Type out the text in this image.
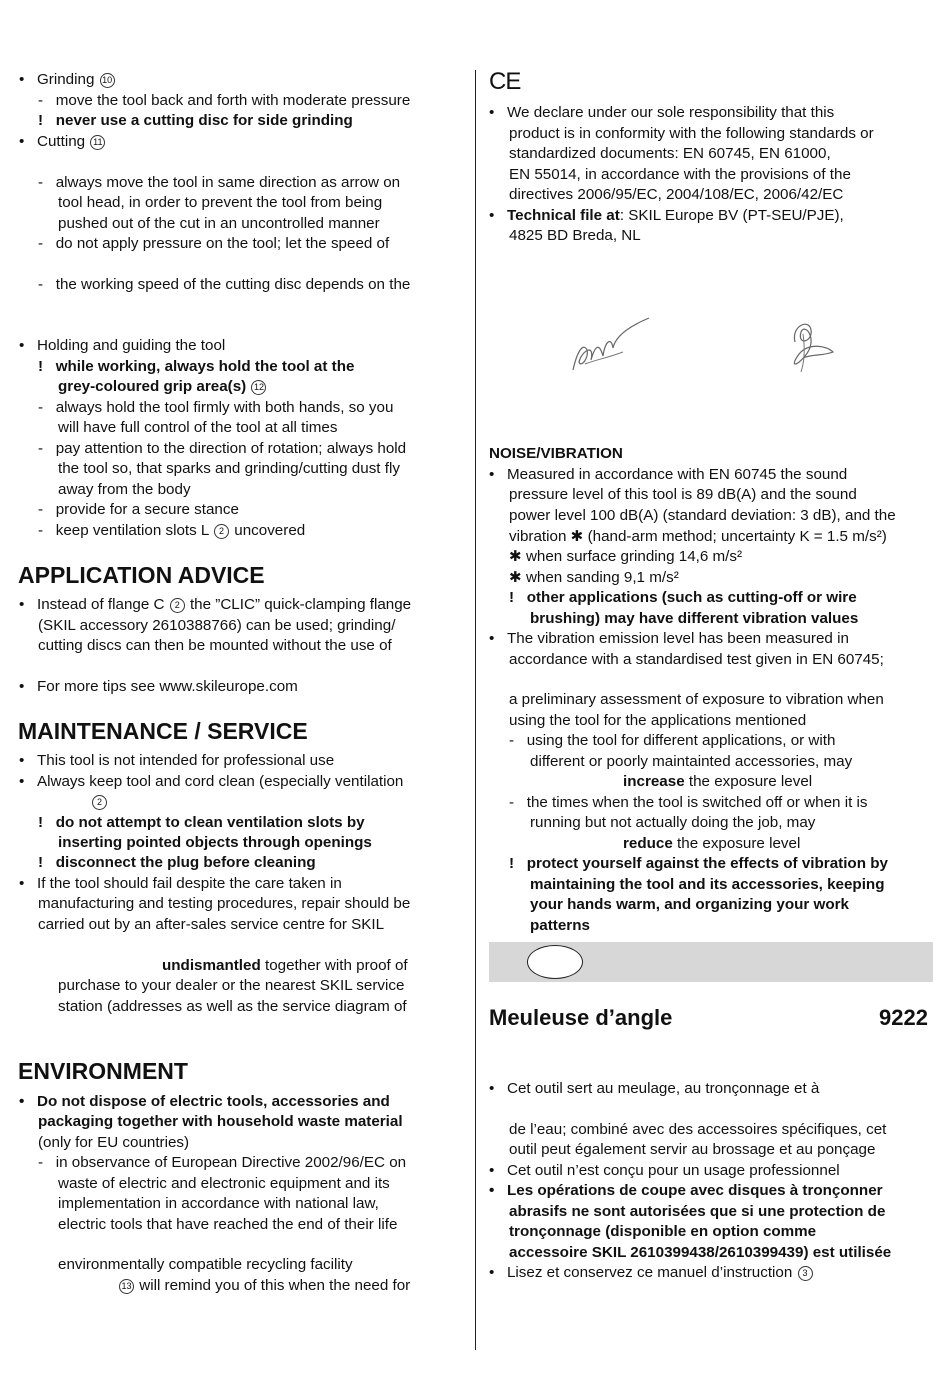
•   Grinding 10
-   move the tool back and forth with moderate pressure
!   never use a cutting disc for side grinding
•   Cutting 11
-   always move the tool in same direction as arrow on
tool head, in order to prevent the tool from being
pushed out of the cut in an uncontrolled manner
-   do not apply pressure on the tool; let the speed of
-   the working speed of the cutting disc depends on the
•   Holding and guiding the tool
!   while working, always hold the tool at the
grey-coloured grip area(s) 12
-   always hold the tool firmly with both hands, so you
will have full control of the tool at all times
-   pay attention to the direction of rotation; always hold
the tool so, that sparks and grinding/cutting dust fly
away from the body
-   provide for a secure stance
-   keep ventilation slots L 2 uncovered
APPLICATION ADVICE
•   Instead of flange C 2 the ”CLIC” quick-clamping flange
(SKIL accessory 2610388766) can be used; grinding/
cutting discs can then be mounted without the use of
•   For more tips see www.skileurope.com
MAINTENANCE / SERVICE
•   This tool is not intended for professional use
•   Always keep tool and cord clean (especially ventilation
2
!   do not attempt to clean ventilation slots by
inserting pointed objects through openings
!   disconnect the plug before cleaning
•   If the tool should fail despite the care taken in
manufacturing and testing procedures, repair should be
carried out by an after-sales service centre for SKIL
undismantled together with proof of
purchase to your dealer or the nearest SKIL service
station (addresses as well as the service diagram of
ENVIRONMENT
•   Do not dispose of electric tools, accessories and
packaging together with household waste material
(only for EU countries)
-   in observance of European Directive 2002/96/EC on
waste of electric and electronic equipment and its
implementation in accordance with national law,
electric tools that have reached the end of their life
environmentally compatible recycling facility
13 will remind you of this when the need for
CE
•   We declare under our sole responsibility that this
product is in conformity with the following standards or
standardized documents: EN 60745, EN 61000,
EN 55014, in accordance with the provisions of the
directives 2006/95/EC, 2004/108/EC, 2006/42/EC
•   Technical file at: SKIL Europe BV (PT-SEU/PJE),
4825 BD Breda, NL
NOISE/VIBRATION
•   Measured in accordance with EN 60745 the sound
pressure level of this tool is 89 dB(A) and the sound
power level 100 dB(A) (standard deviation: 3 dB), and the
vibration ✱ (hand-arm method; uncertainty K = 1.5 m/s²)
✱ when surface grinding 14,6 m/s²
✱ when sanding 9,1 m/s²
!   other applications (such as cutting-off or wire
brushing) may have different vibration values
•   The vibration emission level has been measured in
accordance with a standardised test given in EN 60745;
a preliminary assessment of exposure to vibration when
using the tool for the applications mentioned
-   using the tool for different applications, or with
different or poorly maintainted accessories, may
increase the exposure level
-   the times when the tool is switched off or when it is
running but not actually doing the job, may
reduce the exposure level
!   protect yourself against the effects of vibration by
maintaining the tool and its accessories, keeping
your hands warm, and organizing your work
patterns
Meuleuse d’angle	9222
•   Cet outil sert au meulage, au tronçonnage et à
de l’eau; combiné avec des accessoires spécifiques, cet
outil peut également servir au brossage et au ponçage
•   Cet outil n’est conçu pour un usage professionnel
•   Les opérations de coupe avec disques à tronçonner
abrasifs ne sont autorisées que si une protection de
tronçonnage (disponible en option comme
accessoire SKIL 2610399438/2610399439) est utilisée
•   Lisez et conservez ce manuel d’instruction 3
